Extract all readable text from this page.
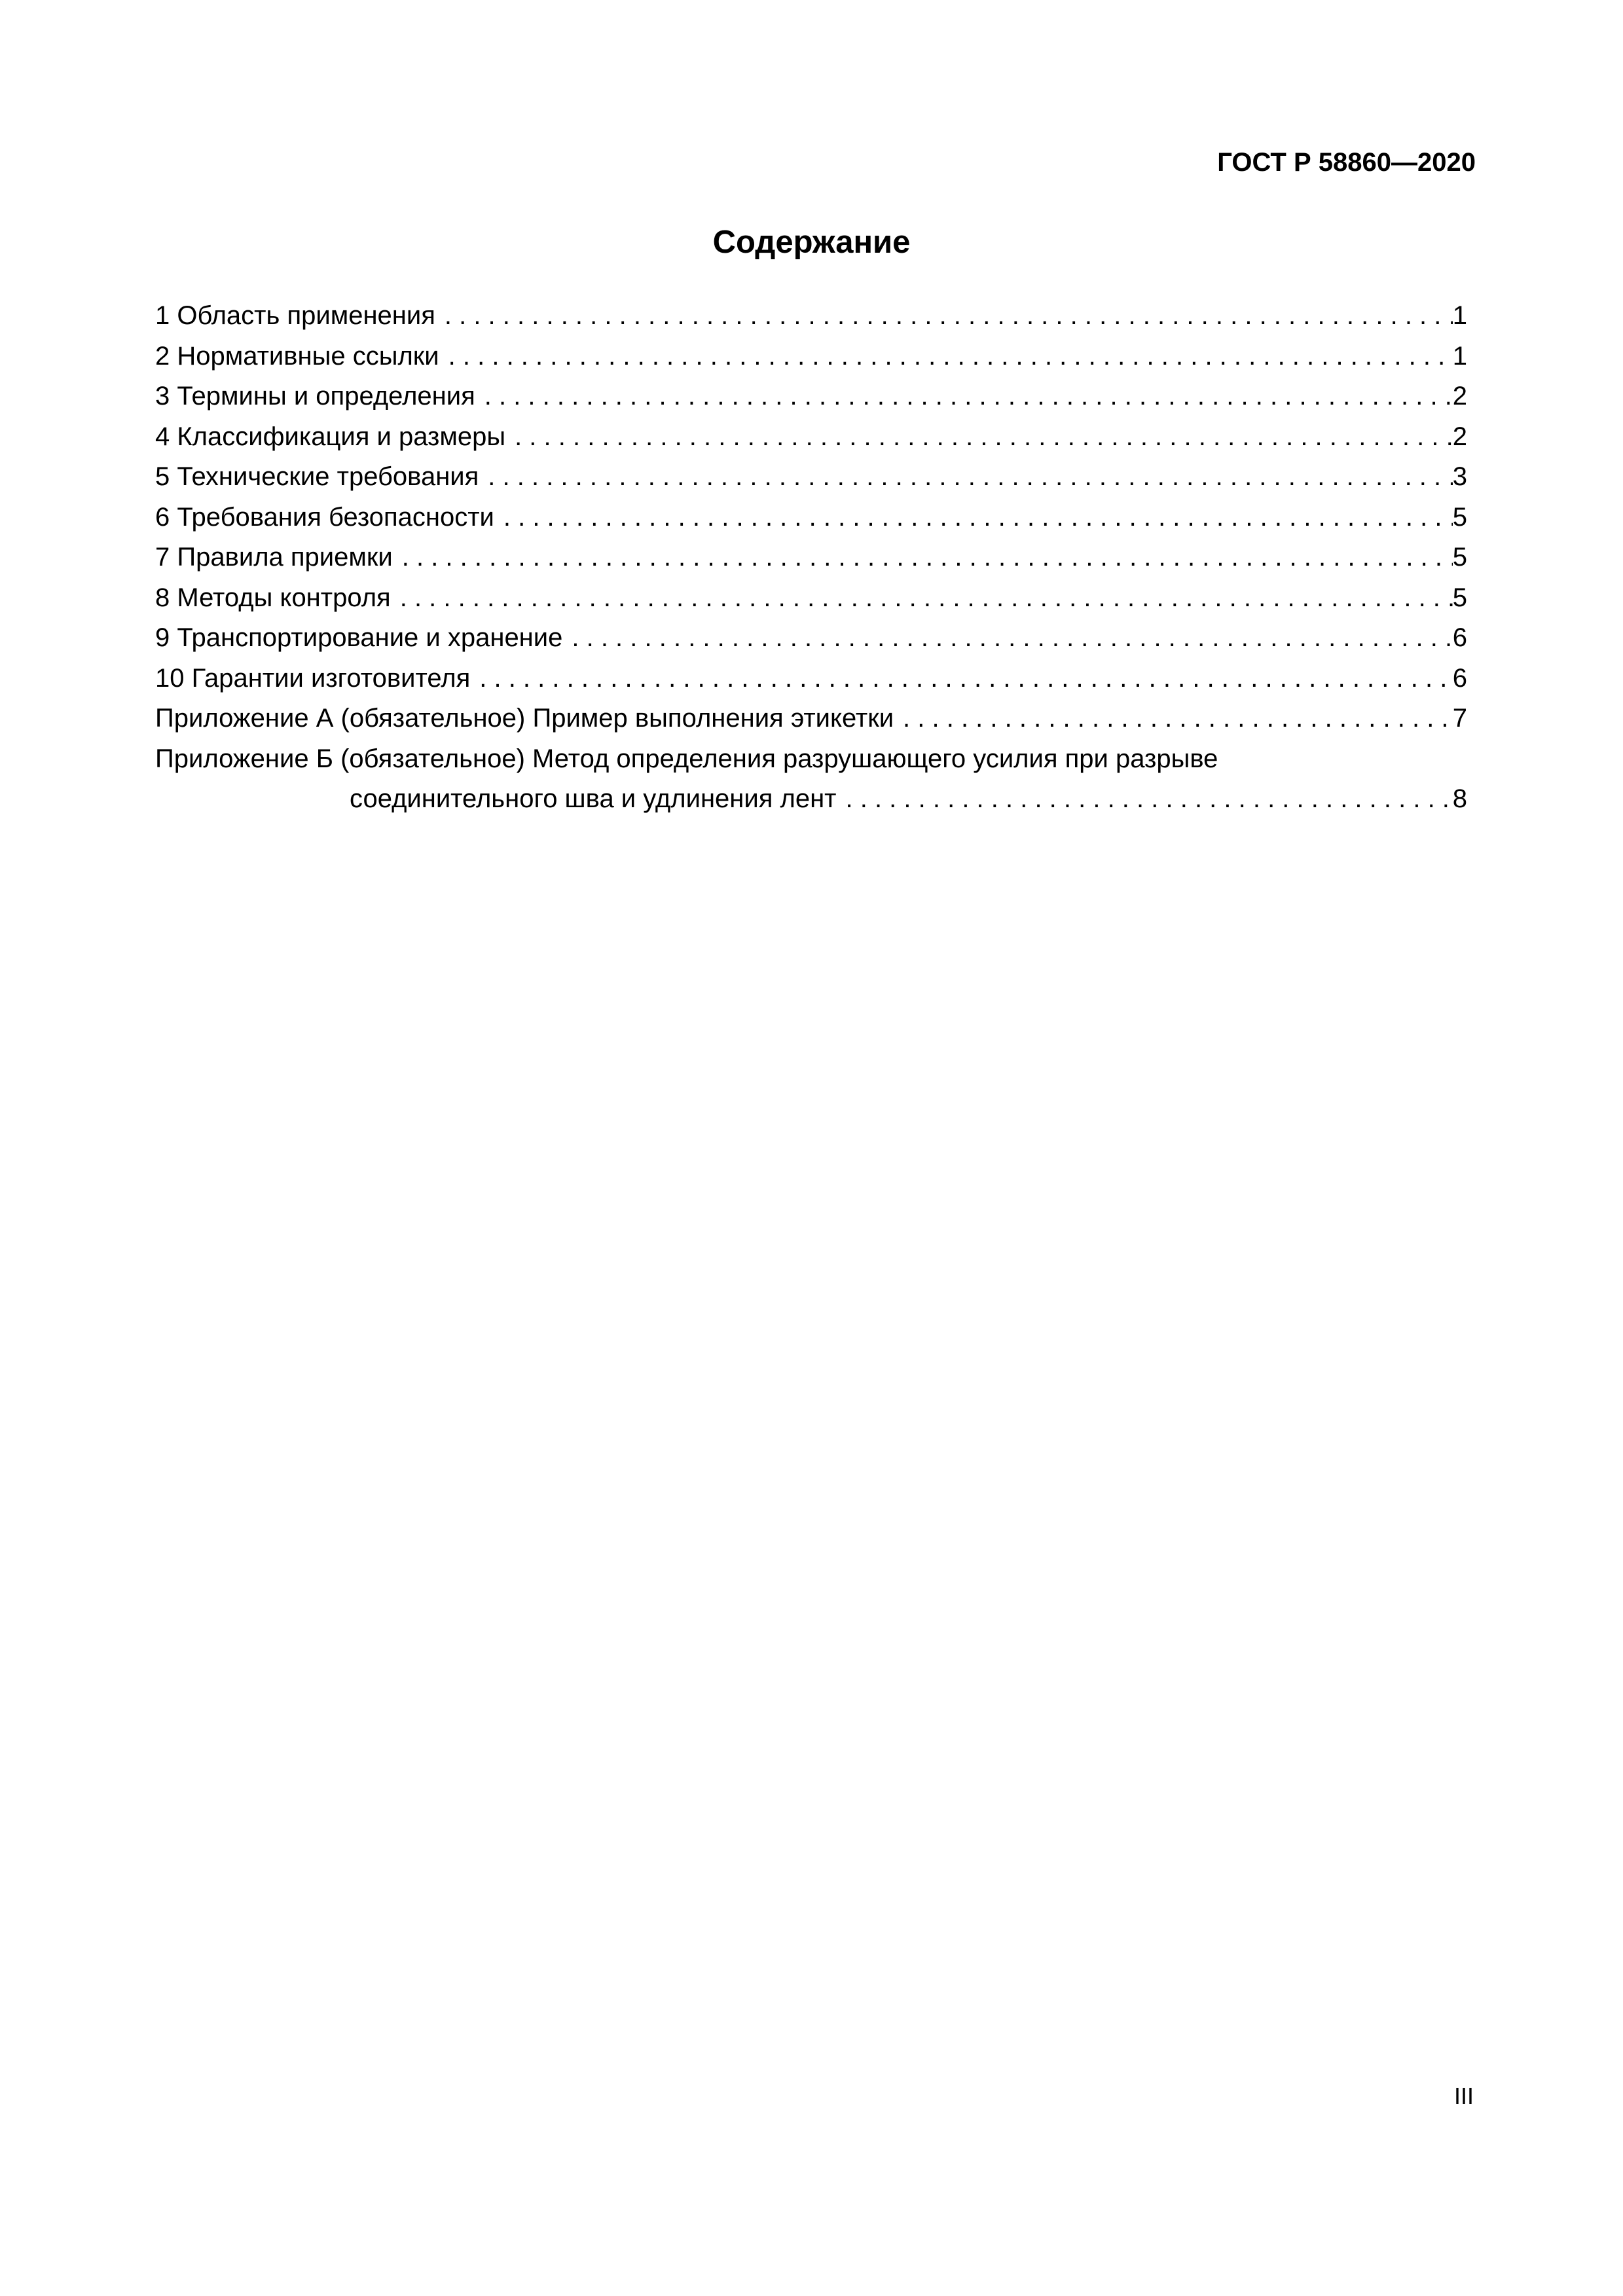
ГОСТ Р 58860—2020
Содержание
1 Область применения . . .	1
2 Нормативные ссылки . . .	1
3 Термины и определения . . .	2
4 Классификация и размеры . . .	2
5 Технические требования . . .	3
6 Требования безопасности . . .	5
7 Правила приемки . . .	5
8 Методы контроля . . .	5
9 Транспортирование и хранение . . .	6
10 Гарантии изготовителя . . .	6
Приложение А (обязательное) Пример выполнения этикетки . . .	7
Приложение Б (обязательное) Метод определения разрушающего усилия при разрыве
соединительного шва и удлинения лент . . .	8
III
